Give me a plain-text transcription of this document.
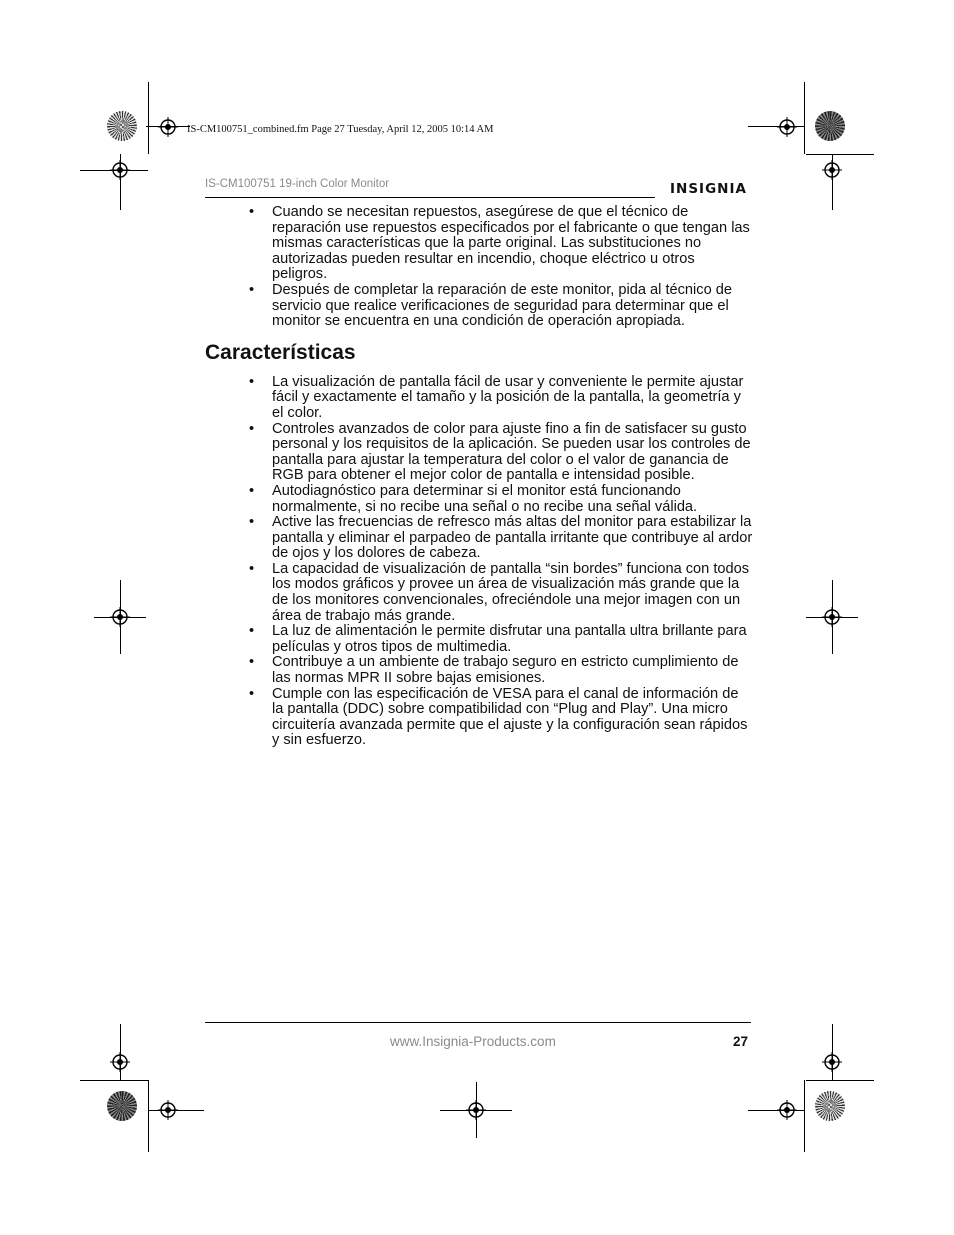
IS-CM100751_combined.fm Page 27 Tuesday, April 12, 2005 10:14 AM
IS-CM100751 19-inch Color Monitor	INSIGNIA
• Cuando se necesitan repuestos, asegúrese de que el técnico de reparación use repuestos especificados por el fabricante o que tengan las mismas características que la parte original. Las substituciones no autorizadas pueden resultar en incendio, choque eléctrico u otros peligros.
• Después de completar la reparación de este monitor, pida al técnico de servicio que realice verificaciones de seguridad para determinar que el monitor se encuentra en una condición de operación apropiada.
Características
• La visualización de pantalla fácil de usar y conveniente le permite ajustar fácil y exactamente el tamaño y la posición de la pantalla, la geometría y el color.
• Controles avanzados de color para ajuste fino a fin de satisfacer su gusto personal y los requisitos de la aplicación. Se pueden usar los controles de pantalla para ajustar la temperatura del color o el valor de ganancia de RGB para obtener el mejor color de pantalla e intensidad posible.
• Autodiagnóstico para determinar si el monitor está funcionando normalmente, si no recibe una señal o no recibe una señal válida.
• Active las frecuencias de refresco más altas del monitor para estabilizar la pantalla y eliminar el parpadeo de pantalla irritante que contribuye al ardor de ojos y los dolores de cabeza.
• La capacidad de visualización de pantalla “sin bordes” funciona con todos los modos gráficos y provee un área de visualización más grande que la de los monitores convencionales, ofreciéndole una mejor imagen con un área de trabajo más grande.
• La luz de alimentación le permite disfrutar una pantalla ultra brillante para películas y otros tipos de multimedia.
• Contribuye a un ambiente de trabajo seguro en estricto cumplimiento de las normas MPR II sobre bajas emisiones.
• Cumple con las especificación de VESA para el canal de información de la pantalla (DDC) sobre compatibilidad con “Plug and Play”. Una micro circuitería avanzada permite que el ajuste y la configuración sean rápidos y sin esfuerzo.
www.Insignia-Products.com	27
